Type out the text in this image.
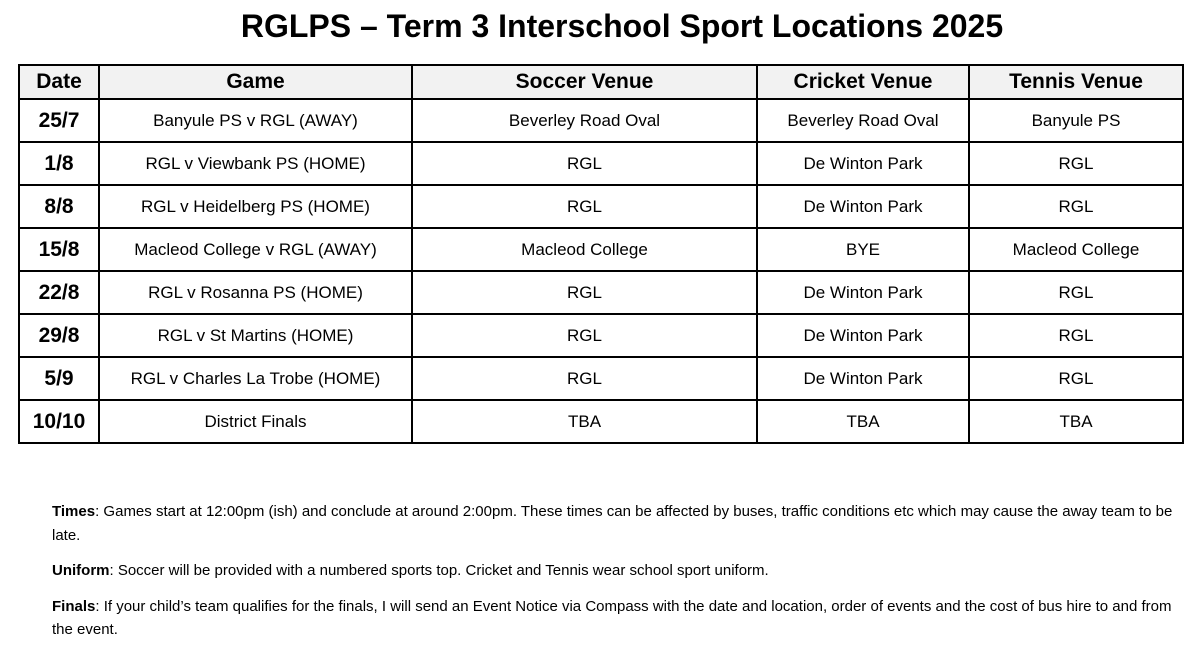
RGLPS – Term 3 Interschool Sport Locations 2025
Date	Game	Soccer Venue	Cricket Venue	Tennis Venue
25/7	Banyule PS v RGL (AWAY)	Beverley Road Oval	Beverley Road Oval	Banyule PS
1/8	RGL v Viewbank PS (HOME)	RGL	De Winton Park	RGL
8/8	RGL v Heidelberg PS (HOME)	RGL	De Winton Park	RGL
15/8	Macleod College v RGL (AWAY)	Macleod College	BYE	Macleod College
22/8	RGL v Rosanna PS (HOME)	RGL	De Winton Park	RGL
29/8	RGL v St Martins (HOME)	RGL	De Winton Park	RGL
5/9	RGL v Charles La Trobe (HOME)	RGL	De Winton Park	RGL
10/10	District Finals	TBA	TBA	TBA

Times: Games start at 12:00pm (ish) and conclude at around 2:00pm. These times can be affected by buses, traffic conditions etc which may cause the away team to be late.

Uniform: Soccer will be provided with a numbered sports top. Cricket and Tennis wear school sport uniform.

Finals: If your child’s team qualifies for the finals, I will send an Event Notice via Compass with the date and location, order of events and the cost of bus hire to and from the event.
